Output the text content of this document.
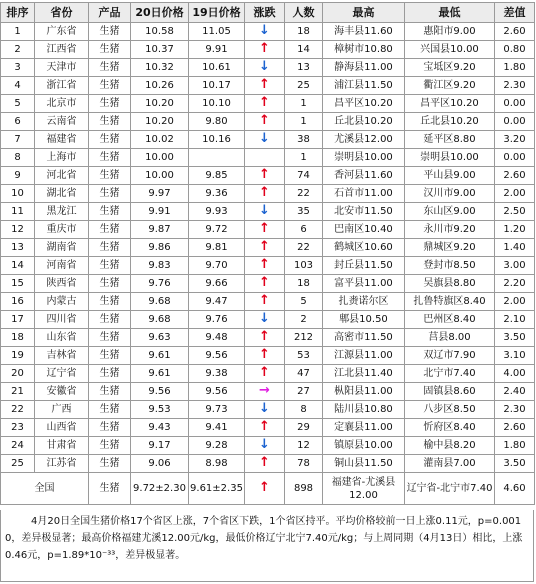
排序	省份	产品	20日价格	19日价格	涨跌	人数	最高	最低	差值
1	广东省	生猪	10.58	11.05	↓	18	海丰县11.60	惠阳市9.00	2.60
2	江西省	生猪	10.37	9.91	↑	14	樟树市10.80	兴国县10.00	0.80
3	天津市	生猪	10.32	10.61	↓	13	静海县11.00	宝坻区9.20	1.80
4	浙江省	生猪	10.26	10.17	↑	25	浦江县11.50	衢江区9.20	2.30
5	北京市	生猪	10.20	10.10	↑	1	昌平区10.20	昌平区10.20	0.00
6	云南省	生猪	10.20	9.80	↑	1	丘北县10.20	丘北县10.20	0.00
7	福建省	生猪	10.02	10.16	↓	38	尤溪县12.00	延平区8.80	3.20
8	上海市	生猪	10.00			1	崇明县10.00	崇明县10.00	0.00
9	河北省	生猪	10.00	9.85	↑	74	香河县11.60	平山县9.00	2.60
10	湖北省	生猪	9.97	9.36	↑	22	石首市11.00	汉川市9.00	2.00
11	黑龙江	生猪	9.91	9.93	↓	35	北安市11.50	东山区9.00	2.50
12	重庆市	生猪	9.87	9.72	↑	6	巴南区10.40	永川市9.20	1.20
13	湖南省	生猪	9.86	9.81	↑	22	鹤城区10.60	鼎城区9.20	1.40
14	河南省	生猪	9.83	9.70	↑	103	封丘县11.50	登封市8.50	3.00
15	陕西省	生猪	9.76	9.66	↑	18	富平县11.00	吴旗县8.80	2.20
16	内蒙古	生猪	9.68	9.47	↑	5	扎赉诺尔区	扎鲁特旗区8.40	2.00
17	四川省	生猪	9.68	9.76	↓	2	郫县10.50	巴州区8.40	2.10
18	山东省	生猪	9.63	9.48	↑	212	高密市11.50	莒县8.00	3.50
19	吉林省	生猪	9.61	9.56	↑	53	江源县11.00	双辽市7.90	3.10
20	辽宁省	生猪	9.61	9.38	↑	47	江北县11.40	北宁市7.40	4.00
21	安徽省	生猪	9.56	9.56	→	27	枞阳县11.00	固镇县8.60	2.40
22	广西	生猪	9.53	9.73	↓	8	陆川县10.80	八步区8.50	2.30
23	山西省	生猪	9.43	9.41	↑	29	定襄县11.00	忻府区8.40	2.60
24	甘肃省	生猪	9.17	9.28	↓	12	镇原县10.00	榆中县8.20	1.80
25	江苏省	生猪	9.06	8.98	↑	78	铜山县11.50	灌南县7.00	3.50
全国		生猪	9.72±2.30	9.61±2.35	↑	898	福建省-尤溪县12.00	辽宁省-北宁市7.40	4.60
4月20日全国生猪价格17个省区上涨，7个省区下跌，1个省区持平。平均价格较前一日上涨0.11元，p=0.0010，差异极显著；最高价格福建尤溪12.00元/kg，最低价格辽宁北宁7.40元/kg；与上周同期（4月13日）相比，上涨0.46元，p=1.89*10⁻³³，差异极显著。
